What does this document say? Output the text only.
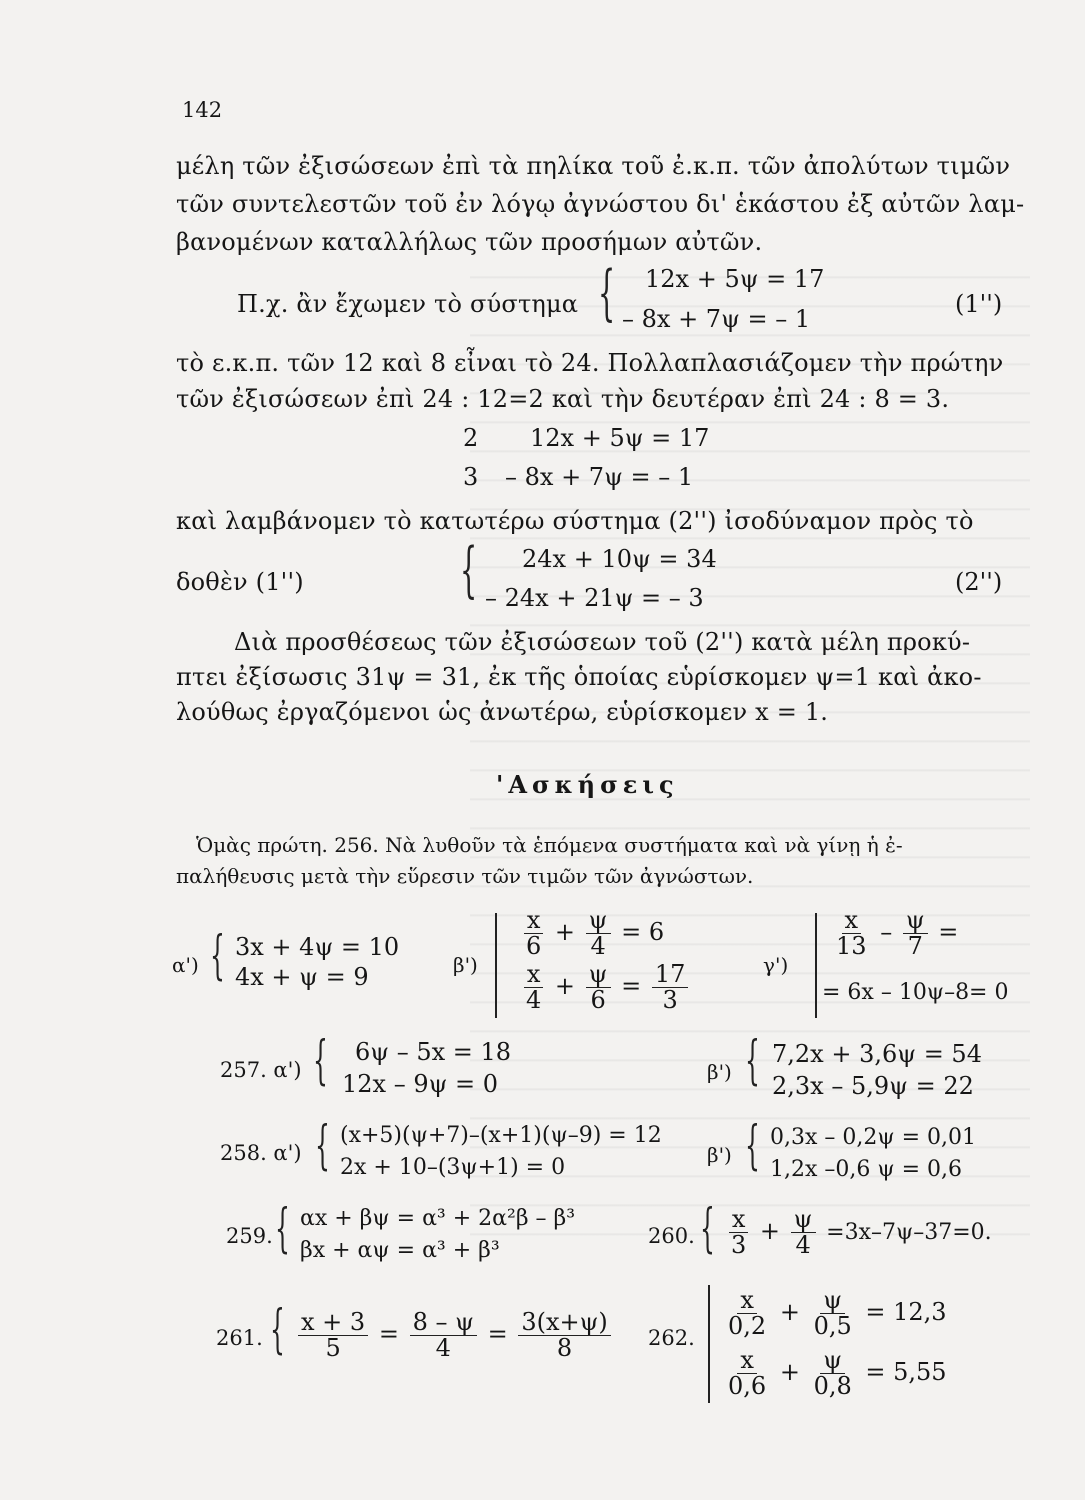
142
μέλη τῶν ἐξισώσεων ἐπὶ τὰ πηλίκα τοῦ ἐ.κ.π. τῶν ἀπολύτων τιμῶν
τῶν συντελεστῶν τοῦ ἐν λόγῳ ἀγνώστου δι' ἑκάστου ἐξ αὐτῶν λαμ-
βανομένων καταλλήλως τῶν προσήμων αὐτῶν.
Π.χ. ἂν ἔχωμεν τὸ σύστημα { 12x + 5ψ = 17
– 8x + 7ψ = – 1
(1'')
τὸ ε.κ.π. τῶν 12 καὶ 8 εἶναι τὸ 24. Πολλαπλασιάζομεν τὴν πρώτην
τῶν ἐξισώσεων ἐπὶ 24 : 12=2 καὶ τὴν δευτέραν ἐπὶ 24 : 8 = 3.
2 12x + 5ψ = 17
3 – 8x + 7ψ = – 1
καὶ λαμβάνομεν τὸ κατωτέρω σύστημα (2'') ἰσοδύναμον πρὸς τὸ
δοθὲν (1'')	{ 24x + 10ψ = 34
– 24x + 21ψ = – 3
(2'')
Διὰ προσθέσεως τῶν ἐξισώσεων τοῦ (2'') κατὰ μέλη προκύ-
πτει ἐξίσωσις 31ψ = 31, ἐκ τῆς ὁποίας εὑρίσκομεν ψ=1 καὶ ἀκο-
λούθως ἐργαζόμενοι ὡς ἀνωτέρω, εὑρίσκομεν x = 1.
'Ασκήσεις
Ὁμὰς πρώτη. 256. Νὰ λυθοῦν τὰ ἑπόμενα συστήματα καὶ νὰ γίνῃ ἡ ἐ-
παλήθευσις μετὰ τὴν εὕρεσιν τῶν τιμῶν τῶν ἀγνώστων.
α') { 3x + 4ψ = 10
4x + ψ = 9	β')
$\frac{x}{6} + \frac{\psi}{4} = 6$
$\frac{x}{4} + \frac{\psi}{6} = \frac{17}{3}$	γ')
$\frac{x}{13} - \frac{\psi}{7}$ =
= 6x – 10ψ–8= 0
257. α') { 6ψ – 5x = 18
12x – 9ψ = 0	β') { 7,2x + 3,6ψ = 54
2,3x – 5,9ψ = 22
258. α') { (x+5)(ψ+7)–(x+1)(ψ–9) = 12
2x + 10–(3ψ+1) = 0	β') { 0,3x – 0,2ψ = 0,01
1,2x –0,6 ψ = 0,6
259. { αx + βψ = α³ + 2α²β – β³
βx + αψ = α³ + β³
260. { $\frac{x}{3} + \frac{\psi}{4} =3x-7\psi-37=0$.
261. { $\frac{x + 3}{5} = \frac{8 - \psi}{4} = \frac{3(x+\psi)}{8} 262$. $\frac{x}{0,2} + \frac{\psi}{0,5} = 12,3$
$\frac{x}{0,6} + \frac{\psi}{0,8} = 5,55$
